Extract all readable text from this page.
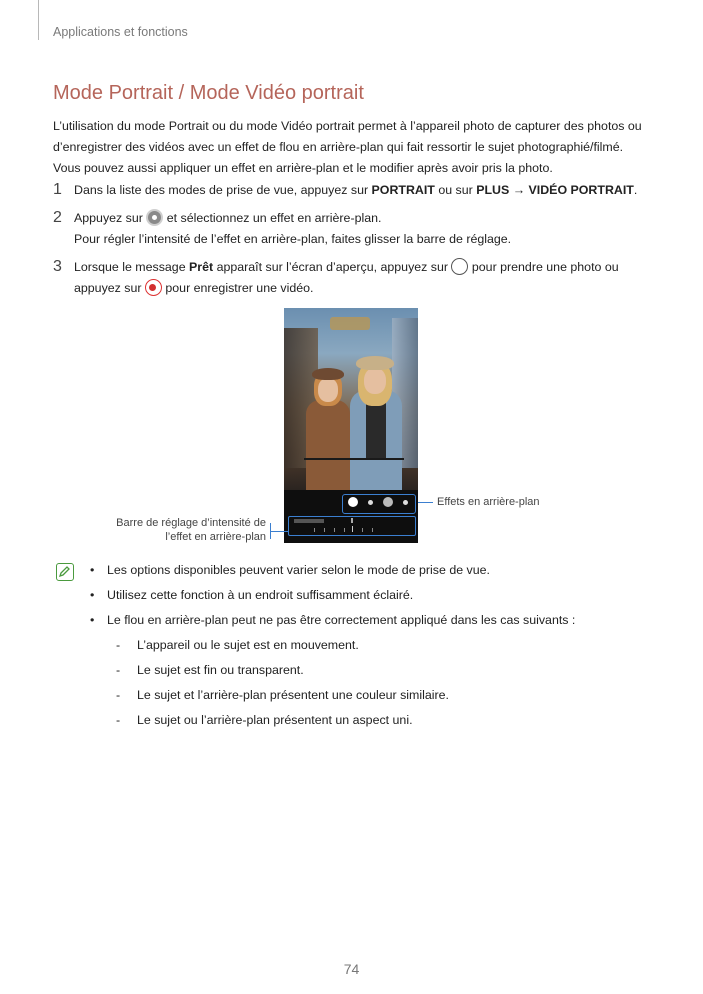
Applications et fonctions
Mode Portrait / Mode Vidéo portrait

L’utilisation du mode Portrait ou du mode Vidéo portrait permet à l’appareil photo de capturer des photos ou d’enregistrer des vidéos avec un effet de flou en arrière-plan qui fait ressortir le sujet photographié/filmé. Vous pouvez aussi appliquer un effet en arrière-plan et le modifier après avoir pris la photo.

1 Dans la liste des modes de prise de vue, appuyez sur PORTRAIT ou sur PLUS → VIDÉO PORTRAIT.
2 Appuyez sur  et sélectionnez un effet en arrière-plan.
Pour régler l’intensité de l’effet en arrière-plan, faites glisser la barre de réglage.
3 Lorsque le message Prêt apparaît sur l’écran d’aperçu, appuyez sur  pour prendre une photo ou
appuyez sur  pour enregistrer une vidéo.
Effets en arrière-plan
Barre de réglage d’intensité de
l’effet en arrière-plan
• Les options disponibles peuvent varier selon le mode de prise de vue.
• Utilisez cette fonction à un endroit suffisamment éclairé.
• Le flou en arrière-plan peut ne pas être correctement appliqué dans les cas suivants :
- L’appareil ou le sujet est en mouvement.
- Le sujet est fin ou transparent.
- Le sujet et l’arrière-plan présentent une couleur similaire.
- Le sujet ou l’arrière-plan présentent un aspect uni.
74
